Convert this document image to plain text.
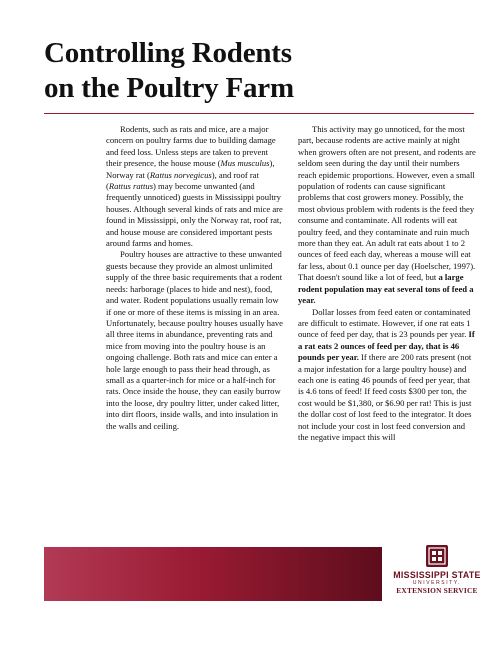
Controlling Rodents
on the Poultry Farm

Rodents, such as rats and mice, are a major concern on poultry farms due to building damage and feed loss. Unless steps are taken to prevent their presence, the house mouse (Mus musculus), Norway rat (Rattus norvegicus), and roof rat (Rattus rattus) may become unwanted (and frequently unnoticed) guests in Mississippi poultry houses. Although several kinds of rats and mice are found in Mississippi, only the Norway rat, roof rat, and house mouse are considered important pests around farms and homes.

Poultry houses are attractive to these unwanted guests because they provide an almost unlimited supply of the three basic requirements that a rodent needs: harborage (places to hide and nest), food, and water. Rodent populations usually remain low if one or more of these items is missing in an area. Unfortunately, because poultry houses usually have all three items in abundance, preventing rats and mice from moving into the poultry house is an ongoing challenge. Both rats and mice can enter a hole large enough to pass their head through, as small as a quarter-inch for mice or a half-inch for rats. Once inside the house, they can easily burrow into the loose, dry poultry litter, under caked litter, into dirt floors, inside walls, and into insulation in the walls and ceiling.

This activity may go unnoticed, for the most part, because rodents are active mainly at night when growers often are not present, and rodents are seldom seen during the day until their numbers reach epidemic proportions. However, even a small population of rodents can cause significant problems that cost growers money. Possibly, the most obvious problem with rodents is the feed they consume and contaminate. All rodents will eat poultry feed, and they contaminate and ruin much more than they eat. An adult rat eats about 1 to 2 ounces of feed each day, whereas a mouse will eat far less, about 0.1 ounce per day (Hoelscher, 1997). That doesn't sound like a lot of feed, but a large rodent population may eat several tons of feed a year.

Dollar losses from feed eaten or contaminated are difficult to estimate. However, if one rat eats 1 ounce of feed per day, that is 23 pounds per year. If a rat eats 2 ounces of feed per day, that is 46 pounds per year. If there are 200 rats present (not a major infestation for a large poultry house) and each one is eating 46 pounds of feed per year, that is 4.6 tons of feed! If feed costs $300 per ton, the cost would be $1,380, or $6.90 per rat! This is just the dollar cost of lost feed to the integrator. It does not include your cost in lost feed conversion and the negative impact this will

MISSISSIPPI STATE
UNIVERSITY.
EXTENSION SERVICE
